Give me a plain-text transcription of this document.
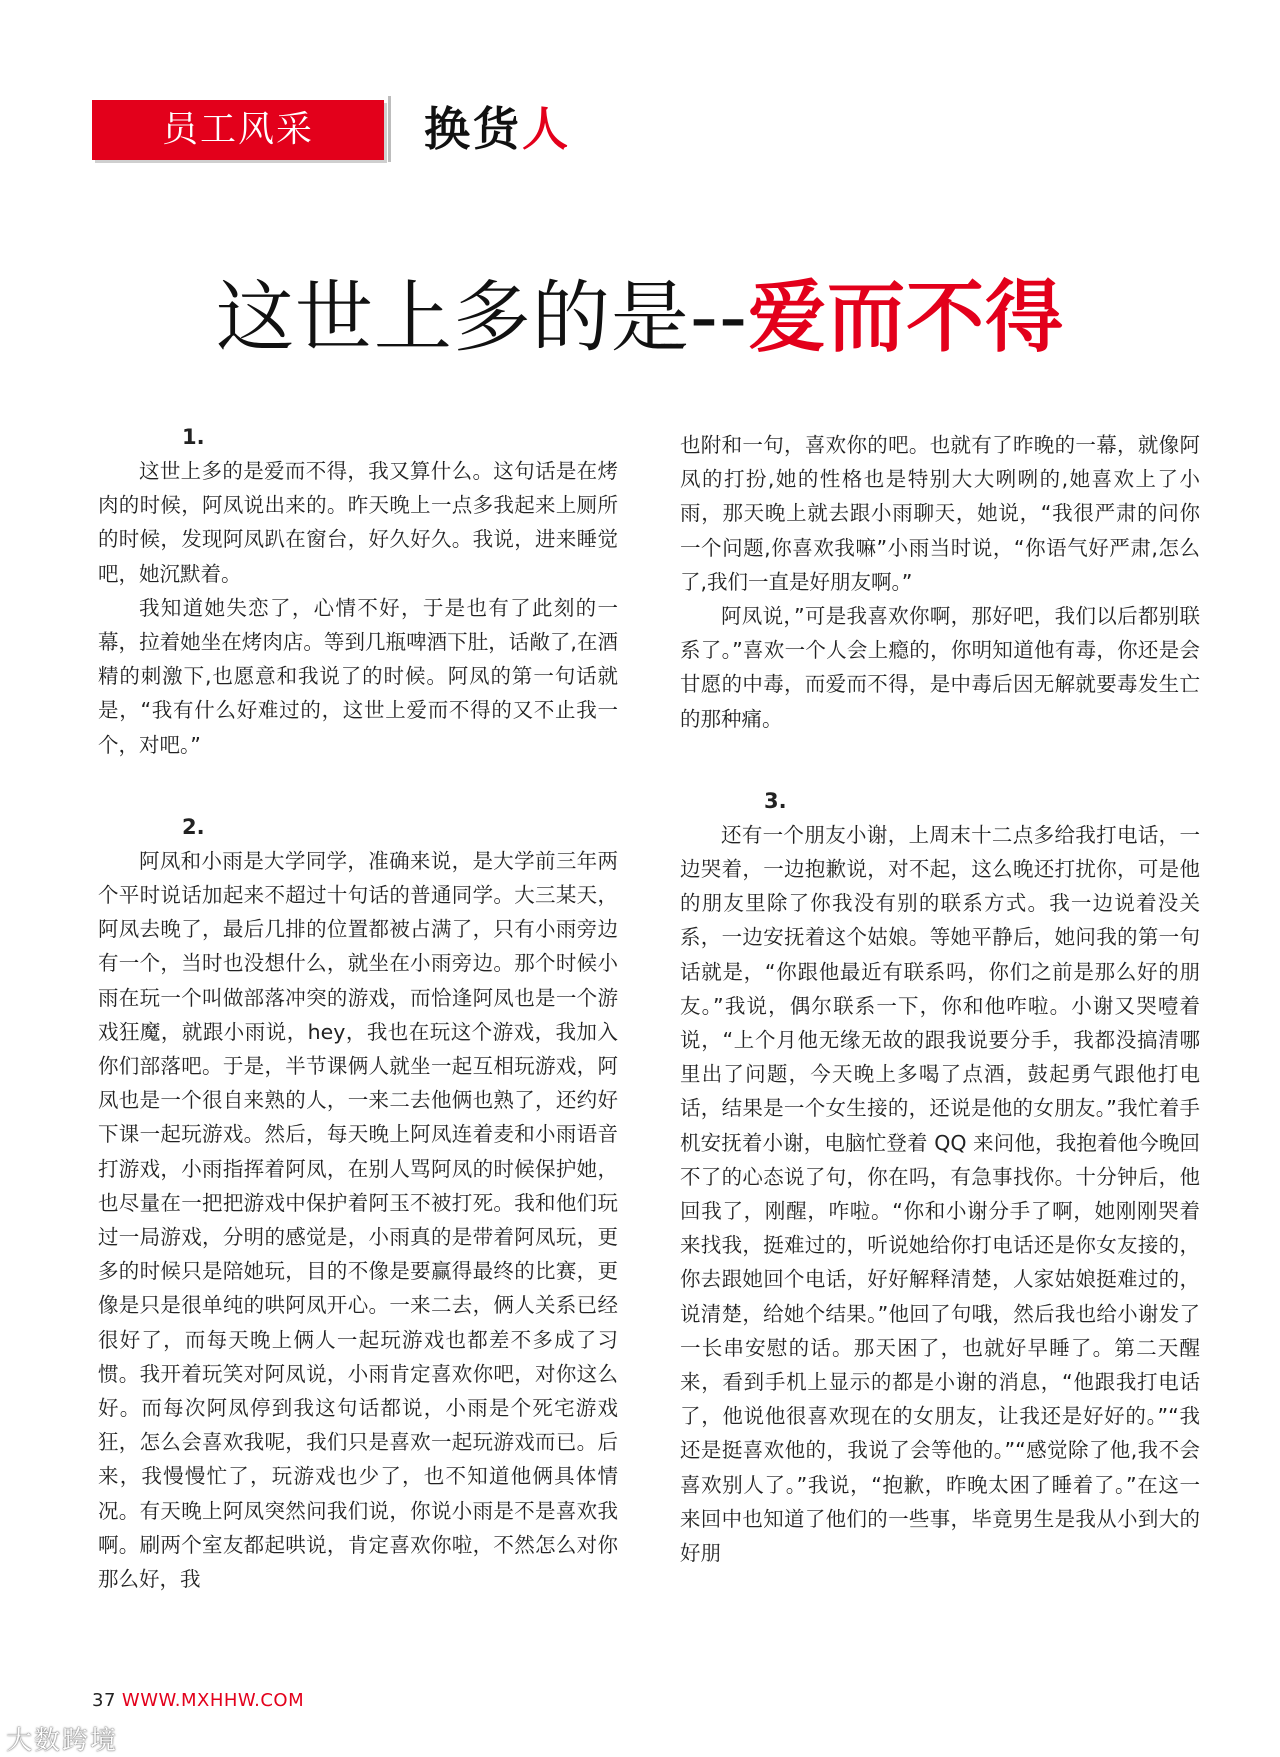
员工风采	换货人
这世上多的是--爱而不得

1.

这世上多的是爱而不得，我又算什么。这句话是在烤肉的时候，阿凤说出来的。昨天晚上一点多我起来上厕所的时候，发现阿凤趴在窗台，好久好久。我说，进来睡觉吧，她沉默着。

我知道她失恋了，心情不好，于是也有了此刻的一幕，拉着她坐在烤肉店。等到几瓶啤酒下肚，话敞了,在酒精的刺激下,也愿意和我说了的时候。阿凤的第一句话就是，“我有什么好难过的，这世上爱而不得的又不止我一个，对吧。”

2.

阿凤和小雨是大学同学，准确来说，是大学前三年两个平时说话加起来不超过十句话的普通同学。大三某天，阿凤去晚了，最后几排的位置都被占满了，只有小雨旁边有一个，当时也没想什么，就坐在小雨旁边。那个时候小雨在玩一个叫做部落冲突的游戏，而恰逢阿凤也是一个游戏狂魔，就跟小雨说，hey，我也在玩这个游戏，我加入你们部落吧。于是，半节课俩人就坐一起互相玩游戏，阿凤也是一个很自来熟的人，一来二去他俩也熟了，还约好下课一起玩游戏。然后，每天晚上阿凤连着麦和小雨语音打游戏，小雨指挥着阿凤，在别人骂阿凤的时候保护她，也尽量在一把把游戏中保护着阿玉不被打死。我和他们玩过一局游戏，分明的感觉是，小雨真的是带着阿凤玩，更多的时候只是陪她玩，目的不像是要赢得最终的比赛，更像是只是很单纯的哄阿凤开心。一来二去，俩人关系已经很好了，而每天晚上俩人一起玩游戏也都差不多成了习惯。我开着玩笑对阿凤说，小雨肯定喜欢你吧，对你这么好。而每次阿凤停到我这句话都说，小雨是个死宅游戏狂，怎么会喜欢我呢，我们只是喜欢一起玩游戏而已。后来，我慢慢忙了，玩游戏也少了，也不知道他俩具体情况。有天晚上阿凤突然问我们说，你说小雨是不是喜欢我啊。刷两个室友都起哄说，肯定喜欢你啦，不然怎么对你那么好，我

也附和一句，喜欢你的吧。也就有了昨晚的一幕，就像阿凤的打扮,她的性格也是特别大大咧咧的,她喜欢上了小雨，那天晚上就去跟小雨聊天，她说，“我很严肃的问你一个问题,你喜欢我嘛”小雨当时说，“你语气好严肃,怎么了,我们一直是好朋友啊。”

阿凤说，”可是我喜欢你啊，那好吧，我们以后都别联系了。”喜欢一个人会上瘾的，你明知道他有毒，你还是会甘愿的中毒，而爱而不得，是中毒后因无解就要毒发生亡的那种痛。

3.

还有一个朋友小谢，上周末十二点多给我打电话，一边哭着，一边抱歉说，对不起，这么晚还打扰你，可是他的朋友里除了你我没有别的联系方式。我一边说着没关系，一边安抚着这个姑娘。等她平静后，她问我的第一句话就是，“你跟他最近有联系吗，你们之前是那么好的朋友。”我说，偶尔联系一下，你和他咋啦。小谢又哭噎着说，“上个月他无缘无故的跟我说要分手，我都没搞清哪里出了问题，今天晚上多喝了点酒，鼓起勇气跟他打电话，结果是一个女生接的，还说是他的女朋友。”我忙着手机安抚着小谢，电脑忙登着 QQ 来问他，我抱着他今晚回不了的心态说了句，你在吗，有急事找你。十分钟后，他回我了，刚醒，咋啦。“你和小谢分手了啊，她刚刚哭着来找我，挺难过的，听说她给你打电话还是你女友接的，你去跟她回个电话，好好解释清楚，人家姑娘挺难过的，说清楚，给她个结果。”他回了句哦，然后我也给小谢发了一长串安慰的话。那天困了，也就好早睡了。第二天醒来，看到手机上显示的都是小谢的消息，“他跟我打电话了，他说他很喜欢现在的女朋友，让我还是好好的。”“我还是挺喜欢他的，我说了会等他的。”“感觉除了他,我不会喜欢别人了。”我说，“抱歉，昨晚太困了睡着了。”在这一来回中也知道了他们的一些事，毕竟男生是我从小到大的好朋

37 WWW.MXHHW.COM
大数跨境
